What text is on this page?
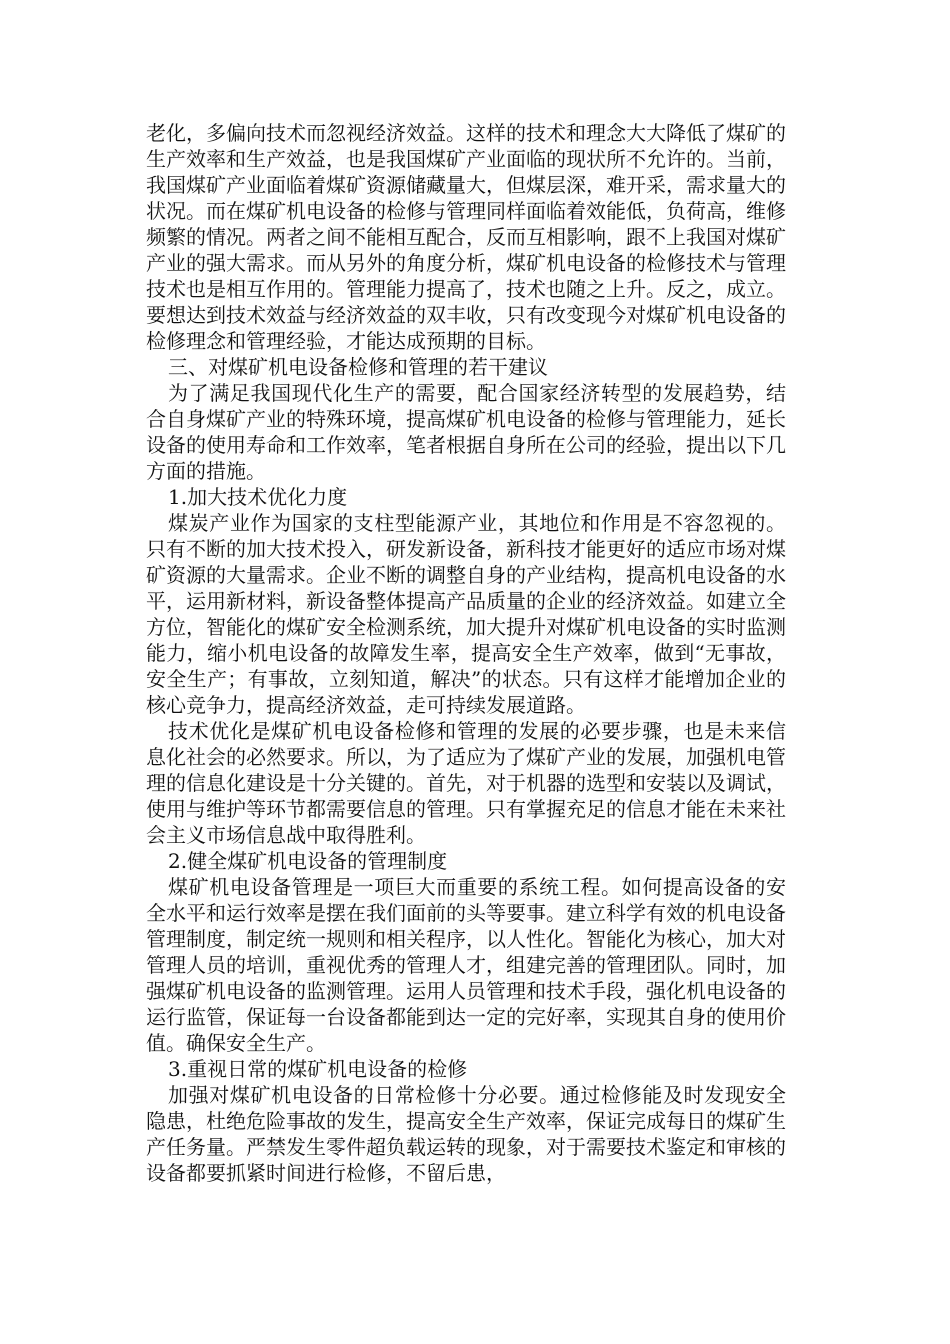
老化，多偏向技术而忽视经济效益。这样的技术和理念大大降低了煤矿的生产效率和生产效益，也是我国煤矿产业面临的现状所不允许的。当前，我国煤矿产业面临着煤矿资源储藏量大，但煤层深，难开采，需求量大的状况。而在煤矿机电设备的检修与管理同样面临着效能低，负荷高，维修频繁的情况。两者之间不能相互配合，反而互相影响，跟不上我国对煤矿产业的强大需求。而从另外的角度分析，煤矿机电设备的检修技术与管理技术也是相互作用的。管理能力提高了，技术也随之上升。反之，成立。要想达到技术效益与经济效益的双丰收，只有改变现今对煤矿机电设备的检修理念和管理经验，才能达成预期的目标。

三、对煤矿机电设备检修和管理的若干建议

为了满足我国现代化生产的需要，配合国家经济转型的发展趋势，结合自身煤矿产业的特殊环境，提高煤矿机电设备的检修与管理能力，延长设备的使用寿命和工作效率，笔者根据自身所在公司的经验，提出以下几方面的措施。

1.加大技术优化力度

煤炭产业作为国家的支柱型能源产业，其地位和作用是不容忽视的。只有不断的加大技术投入，研发新设备，新科技才能更好的适应市场对煤矿资源的大量需求。企业不断的调整自身的产业结构，提高机电设备的水平，运用新材料，新设备整体提高产品质量的企业的经济效益。如建立全方位，智能化的煤矿安全检测系统，加大提升对煤矿机电设备的实时监测能力，缩小机电设备的故障发生率，提高安全生产效率，做到“无事故，安全生产；有事故，立刻知道，解决”的状态。只有这样才能增加企业的核心竞争力，提高经济效益，走可持续发展道路。

技术优化是煤矿机电设备检修和管理的发展的必要步骤，也是未来信息化社会的必然要求。所以，为了适应为了煤矿产业的发展，加强机电管理的信息化建设是十分关键的。首先，对于机器的选型和安装以及调试，使用与维护等环节都需要信息的管理。只有掌握充足的信息才能在未来社会主义市场信息战中取得胜利。

2.健全煤矿机电设备的管理制度

煤矿机电设备管理是一项巨大而重要的系统工程。如何提高设备的安全水平和运行效率是摆在我们面前的头等要事。建立科学有效的机电设备管理制度，制定统一规则和相关程序，以人性化。智能化为核心，加大对管理人员的培训，重视优秀的管理人才，组建完善的管理团队。同时，加强煤矿机电设备的监测管理。运用人员管理和技术手段，强化机电设备的运行监管，保证每一台设备都能到达一定的完好率，实现其自身的使用价值。确保安全生产。

3.重视日常的煤矿机电设备的检修

加强对煤矿机电设备的日常检修十分必要。通过检修能及时发现安全隐患，杜绝危险事故的发生，提高安全生产效率，保证完成每日的煤矿生产任务量。严禁发生零件超负载运转的现象，对于需要技术鉴定和审核的设备都要抓紧时间进行检修，不留后患，
